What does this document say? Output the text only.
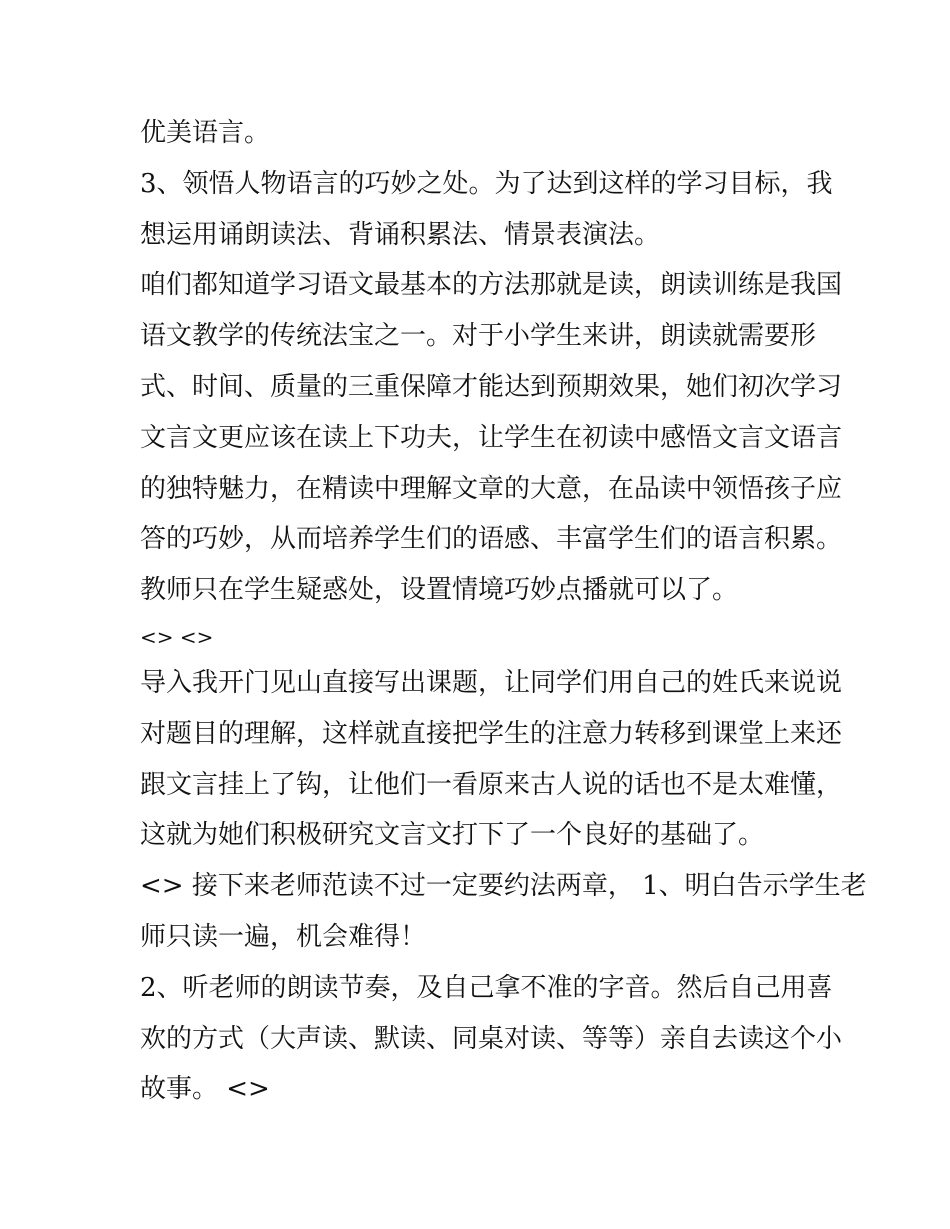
优美语言。
3、领悟人物语言的巧妙之处。为了达到这样的学习目标，我
想运用诵朗读法、背诵积累法、情景表演法。
咱们都知道学习语文最基本的方法那就是读，朗读训练是我国
语文教学的传统法宝之一。对于小学生来讲，朗读就需要形
式、时间、质量的三重保障才能达到预期效果，她们初次学习
文言文更应该在读上下功夫，让学生在初读中感悟文言文语言
的独特魅力，在精读中理解文章的大意，在品读中领悟孩子应
答的巧妙，从而培养学生们的语感、丰富学生们的语言积累。
教师只在学生疑惑处，设置情境巧妙点播就可以了。
<> <>
导入我开门见山直接写出课题，让同学们用自己的姓氏来说说
对题目的理解，这样就直接把学生的注意力转移到课堂上来还
跟文言挂上了钩，让他们一看原来古人说的话也不是太难懂，
这就为她们积极研究文言文打下了一个良好的基础了。
<> 接下来老师范读不过一定要约法两章， 1、明白告示学生老
师只读一遍，机会难得！
2、听老师的朗读节奏，及自己拿不准的字音。然后自己用喜
欢的方式（大声读、默读、同桌对读、等等）亲自去读这个小
故事。 <>
